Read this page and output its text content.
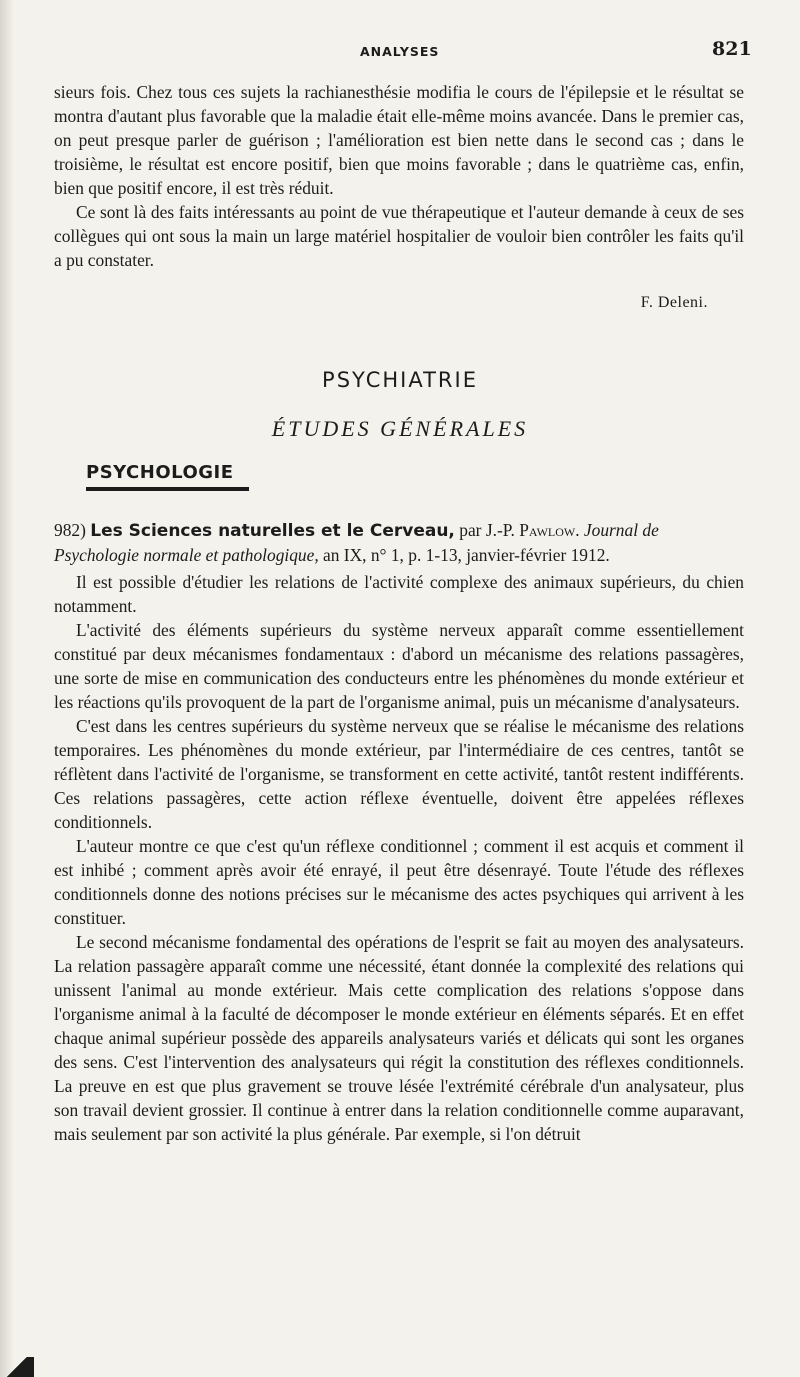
ANALYSES	821

sieurs fois. Chez tous ces sujets la rachianesthésie modifia le cours de l'épilepsie et le résultat se montra d'autant plus favorable que la maladie était elle-même moins avancée. Dans le premier cas, on peut presque parler de guérison ; l'amélioration est bien nette dans le second cas ; dans le troisième, le résultat est encore positif, bien que moins favorable ; dans le quatrième cas, enfin, bien que positif encore, il est très réduit.

Ce sont là des faits intéressants au point de vue thérapeutique et l'auteur demande à ceux de ses collègues qui ont sous la main un large matériel hospitalier de vouloir bien contrôler les faits qu'il a pu constater.

F. Deleni.
PSYCHIATRIE
ÉTUDES GÉNÉRALES
PSYCHOLOGIE
982) Les Sciences naturelles et le Cerveau, par J.-P. Pawlow. Journal de Psychologie normale et pathologique, an IX, n° 1, p. 1-13, janvier-février 1912.

Il est possible d'étudier les relations de l'activité complexe des animaux supérieurs, du chien notamment.

L'activité des éléments supérieurs du système nerveux apparaît comme essentiellement constitué par deux mécanismes fondamentaux : d'abord un mécanisme des relations passagères, une sorte de mise en communication des conducteurs entre les phénomènes du monde extérieur et les réactions qu'ils provoquent de la part de l'organisme animal, puis un mécanisme d'analysateurs.

C'est dans les centres supérieurs du système nerveux que se réalise le mécanisme des relations temporaires. Les phénomènes du monde extérieur, par l'intermédiaire de ces centres, tantôt se réflètent dans l'activité de l'organisme, se transforment en cette activité, tantôt restent indifférents. Ces relations passagères, cette action réflexe éventuelle, doivent être appelées réflexes conditionnels.

L'auteur montre ce que c'est qu'un réflexe conditionnel ; comment il est acquis et comment il est inhibé ; comment après avoir été enrayé, il peut être désenrayé. Toute l'étude des réflexes conditionnels donne des notions précises sur le mécanisme des actes psychiques qui arrivent à les constituer.

Le second mécanisme fondamental des opérations de l'esprit se fait au moyen des analysateurs. La relation passagère apparaît comme une nécessité, étant donnée la complexité des relations qui unissent l'animal au monde extérieur. Mais cette complication des relations s'oppose dans l'organisme animal à la faculté de décomposer le monde extérieur en éléments séparés. Et en effet chaque animal supérieur possède des appareils analysateurs variés et délicats qui sont les organes des sens. C'est l'intervention des analysateurs qui régit la constitution des réflexes conditionnels. La preuve en est que plus gravement se trouve lésée l'extrémité cérébrale d'un analysateur, plus son travail devient grossier. Il continue à entrer dans la relation conditionnelle comme auparavant, mais seulement par son activité la plus générale. Par exemple, si l'on détruit
